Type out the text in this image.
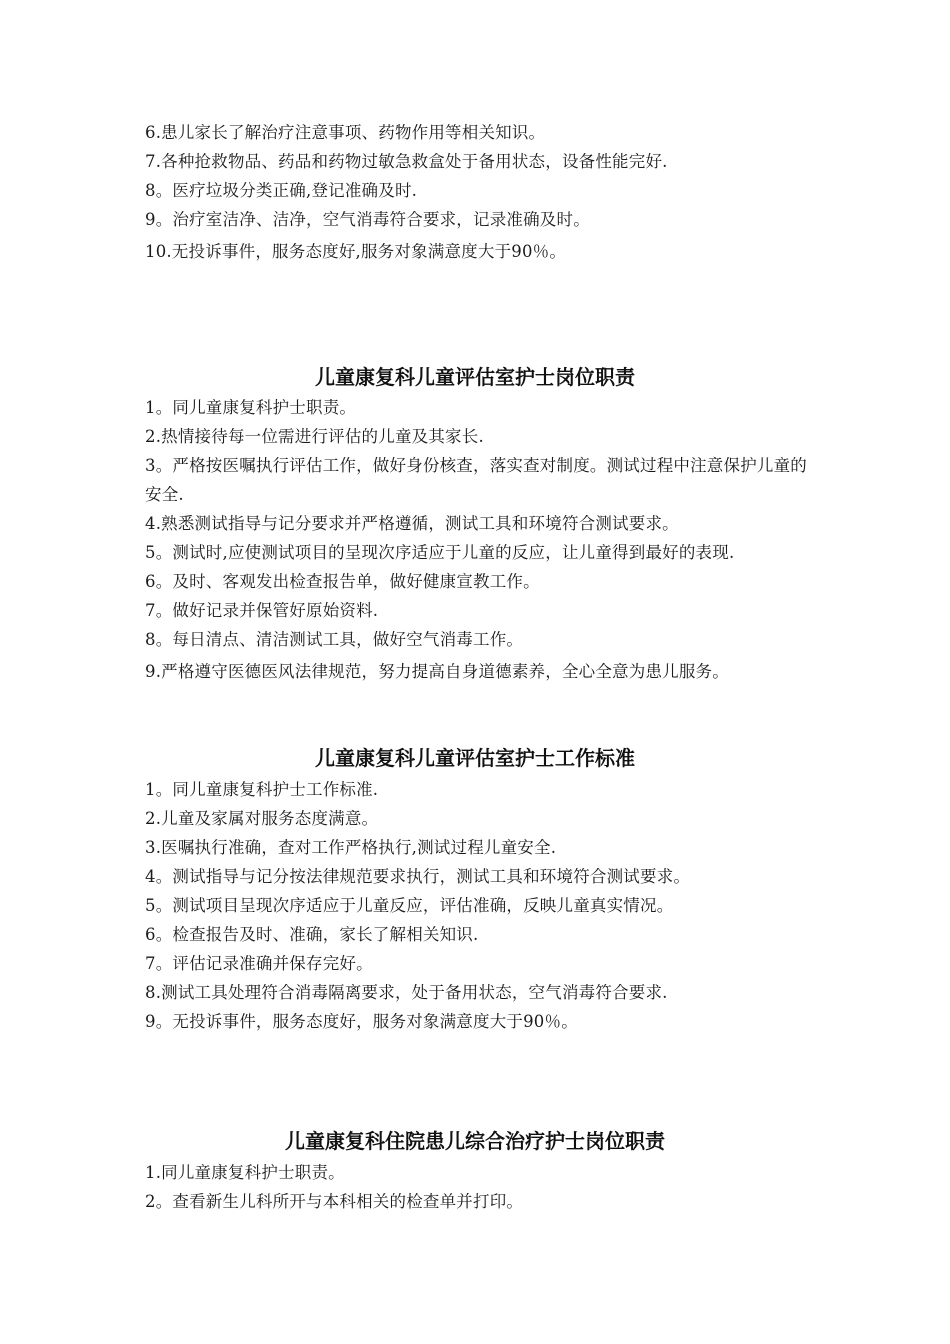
6.患儿家长了解治疗注意事项、药物作用等相关知识。
7.各种抢救物品、药品和药物过敏急救盒处于备用状态，设备性能完好.
8。医疗垃圾分类正确,登记准确及时.
9。治疗室洁净、洁净，空气消毒符合要求，记录准确及时。
10.无投诉事件，服务态度好,服务对象满意度大于90％。
儿童康复科儿童评估室护士岗位职责
1。同儿童康复科护士职责。
2.热情接待每一位需进行评估的儿童及其家长.
3。严格按医嘱执行评估工作，做好身份核查，落实查对制度。测试过程中注意保护儿童的安全.
4.熟悉测试指导与记分要求并严格遵循，测试工具和环境符合测试要求。
5。测试时,应使测试项目的呈现次序适应于儿童的反应，让儿童得到最好的表现.
6。及时、客观发出检查报告单，做好健康宣教工作。
7。做好记录并保管好原始资料.
8。每日清点、清洁测试工具，做好空气消毒工作。
9.严格遵守医德医风法律规范，努力提高自身道德素养，全心全意为患儿服务。
儿童康复科儿童评估室护士工作标准
1。同儿童康复科护士工作标准.
2.儿童及家属对服务态度满意。
3.医嘱执行准确，查对工作严格执行,测试过程儿童安全.
4。测试指导与记分按法律规范要求执行，测试工具和环境符合测试要求。
5。测试项目呈现次序适应于儿童反应，评估准确，反映儿童真实情况。
6。检查报告及时、准确，家长了解相关知识.
7。评估记录准确并保存完好。
8.测试工具处理符合消毒隔离要求，处于备用状态，空气消毒符合要求.
9。无投诉事件，服务态度好，服务对象满意度大于90％。
儿童康复科住院患儿综合治疗护士岗位职责
1.同儿童康复科护士职责。
2。查看新生儿科所开与本科相关的检查单并打印。
